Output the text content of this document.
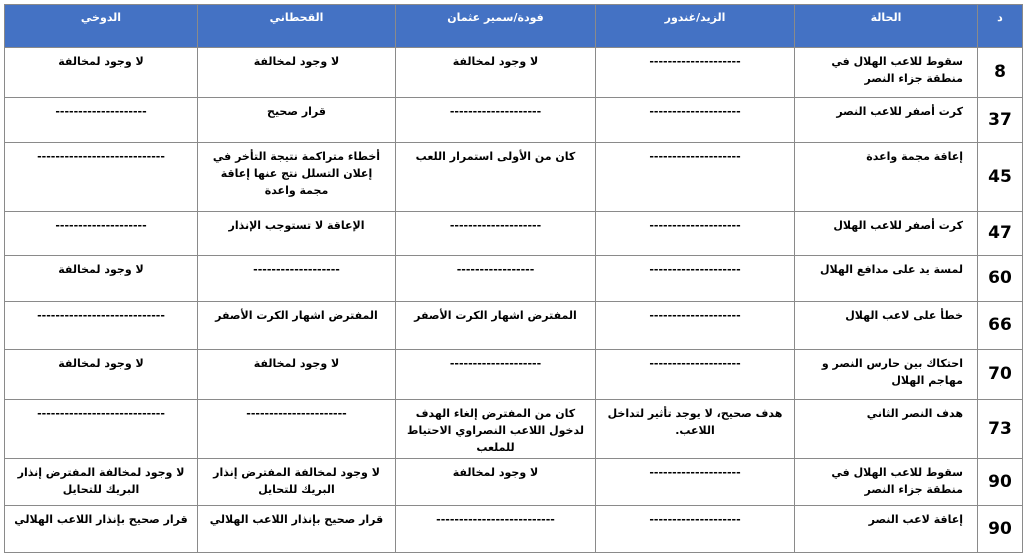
د	الحالة	الزيد/غندور	فودة/سمير عثمان	القحطاني	الدوخي
8	سقوط للاعب الهلال في منطقة جزاء النصر	--------------------	لا وجود لمخالفة	لا وجود لمخالفة	لا وجود لمخالفة
37	كرت أصفر للاعب النصر	--------------------	--------------------	قرار صحيح	--------------------
45	إعاقة مجمة واعدة	--------------------	كان من الأولى استمرار اللعب	أخطاء متراكمة نتيجة التأخر في إعلان التسلل نتج عنها إعاقة مجمة واعدة	----------------------------
47	كرت أصفر للاعب الهلال	--------------------	--------------------	الإعاقة لا تستوجب الإنذار	--------------------
60	لمسة يد على مدافع الهلال	--------------------	-----------------	-------------------	لا وجود لمخالفة
66	خطأ على لاعب الهلال	--------------------	المفترض اشهار الكرت الأصفر	المفترض اشهار الكرت الأصفر	----------------------------
70	احتكاك بين حارس النصر و مهاجم الهلال	--------------------	--------------------	لا وجود لمخالفة	لا وجود لمخالفة
73	هدف النصر الثاني	هدف صحيح، لا يوجد تأثير لتداخل اللاعب.	كان من المفترض إلغاء الهدف لدخول اللاعب النصراوي الاحتياط للملعب	----------------------	----------------------------
90	سقوط للاعب الهلال في منطقة جزاء النصر	--------------------	لا وجود لمخالفة	لا وجود لمخالفة المفترض إنذار البريك للتحايل	لا وجود لمخالفة المفترض إنذار البريك للتحايل
90	إعاقة لاعب النصر	--------------------	--------------------------	قرار صحيح بإنذار اللاعب الهلالي	قرار صحيح بإنذار اللاعب الهلالي
